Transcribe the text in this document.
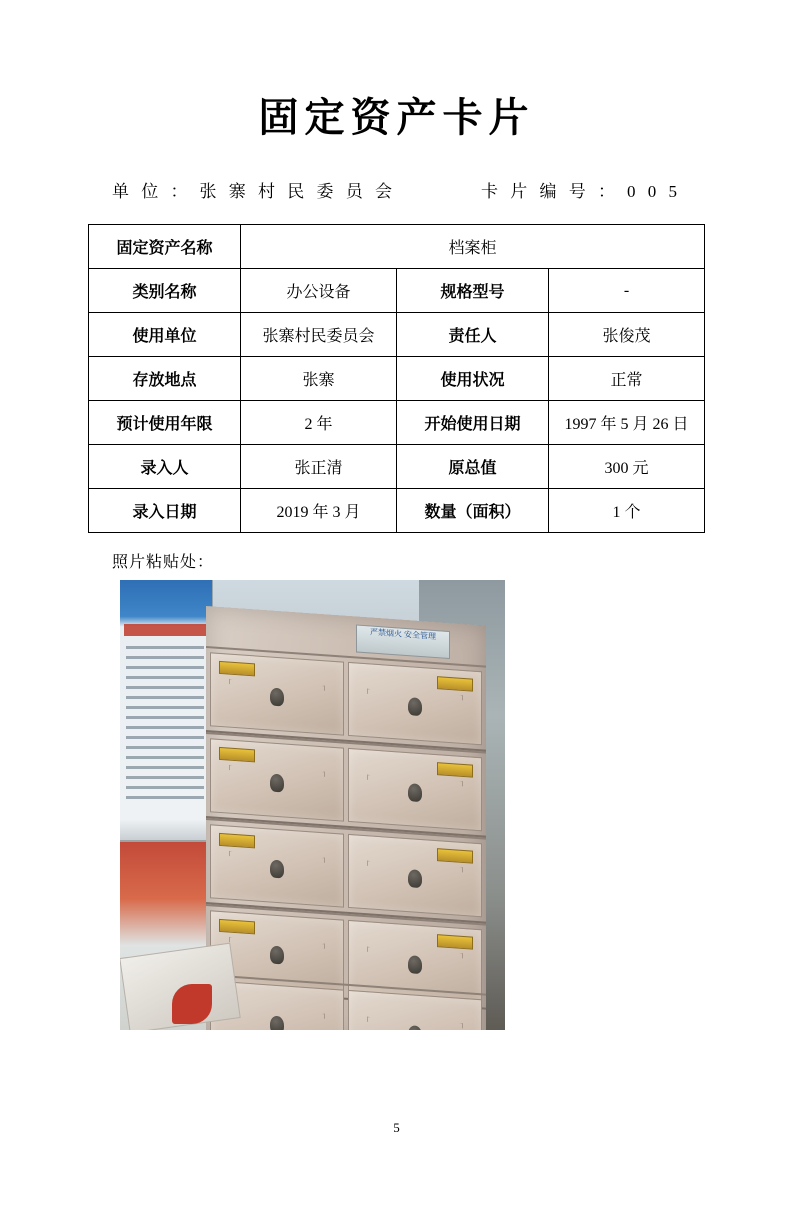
固定资产卡片
单 位 ： 张 寨 村 民 委 员 会	卡 片 编 号 ： 0 0 5
固定资产名称	档案柜		
类别名称	办公设备	规格型号	-
使用单位	张寨村民委员会	责任人	张俊茂
存放地点	张寨	使用状况	正常
预计使用年限	2 年	开始使用日期	1997 年 5 月 26 日
录入人	张正清	原总值	300 元
录入日期	2019 年 3 月	数量（面积）	1 个
照片粘贴处：
严禁烟火 安全管理
5
